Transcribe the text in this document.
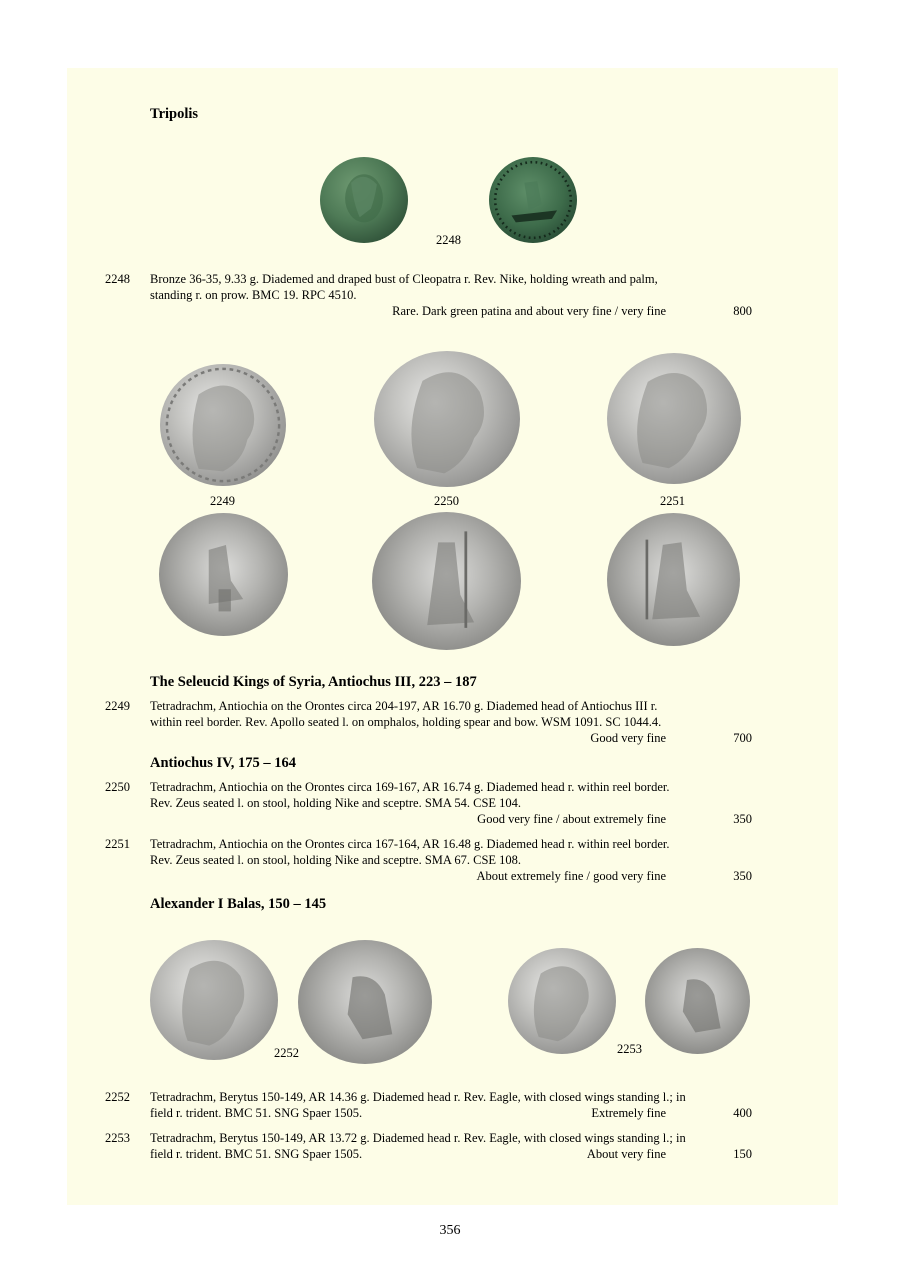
Tripolis
2248
2248 Bronze 36-35, 9.33 g. Diademed and draped bust of Cleopatra r. Rev. Nike, holding wreath and palm,

standing r. on prow. BMC 19. RPC 4510.

Rare. Dark green patina and about very fine / very fine	800
2249	2250	2251
The Seleucid Kings of Syria, Antiochus III, 223 – 187
2249 Tetradrachm, Antiochia on the Orontes circa 204-197, AR 16.70 g. Diademed head of Antiochus III r.

within reel border. Rev. Apollo seated l. on omphalos, holding spear and bow. WSM 1091. SC 1044.4.

Good very fine	700
Antiochus IV, 175 – 164
2250 Tetradrachm, Antiochia on the Orontes circa 169-167, AR 16.74 g. Diademed head r. within reel border.

Rev. Zeus seated l. on stool, holding Nike and sceptre. SMA 54. CSE 104.

Good very fine / about extremely fine	350
2251 Tetradrachm, Antiochia on the Orontes circa 167-164, AR 16.48 g. Diademed head r. within reel border.

Rev. Zeus seated l. on stool, holding Nike and sceptre. SMA 67. CSE 108.

About extremely fine / good very fine	350
Alexander I Balas, 150 – 145
2252	2253
2252 Tetradrachm, Berytus 150-149, AR 14.36 g. Diademed head r. Rev. Eagle, with closed wings standing l.; in

field r. trident. BMC 51. SNG Spaer 1505.	Extremely fine	400
2253 Tetradrachm, Berytus 150-149, AR 13.72 g. Diademed head r. Rev. Eagle, with closed wings standing l.; in

field r. trident. BMC 51. SNG Spaer 1505.	About very fine	150
356
